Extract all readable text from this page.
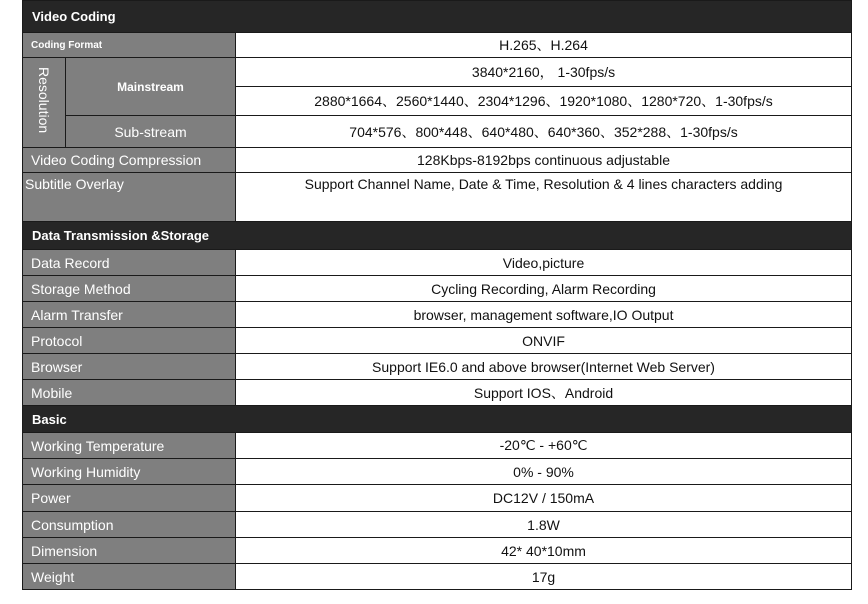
Video Coding		
Coding Format		H.265、H.264
Resolution	Mainstream	3840*2160， 1-30fps/s
		2880*1664、2560*1440、2304*1296、1920*1080、1280*720、1-30fps/s
	Sub-stream	704*576、800*448、640*480、640*360、352*288、1-30fps/s
Video Coding Compression		128Kbps-8192bps continuous adjustable
Subtitle Overlay		Support Channel Name, Date & Time, Resolution & 4 lines characters adding
Data Transmission &Storage		
Data Record		Video,picture
Storage Method		Cycling Recording, Alarm Recording
Alarm Transfer		browser, management software,IO Output
Protocol		ONVIF
Browser		Support IE6.0 and above browser(Internet Web Server)
Mobile		Support IOS、Android
Basic		
Working Temperature		-20℃ - +60℃
Working Humidity		0% - 90%
Power		DC12V / 150mA
Consumption		1.8W
Dimension		42* 40*10mm
Weight		17g
